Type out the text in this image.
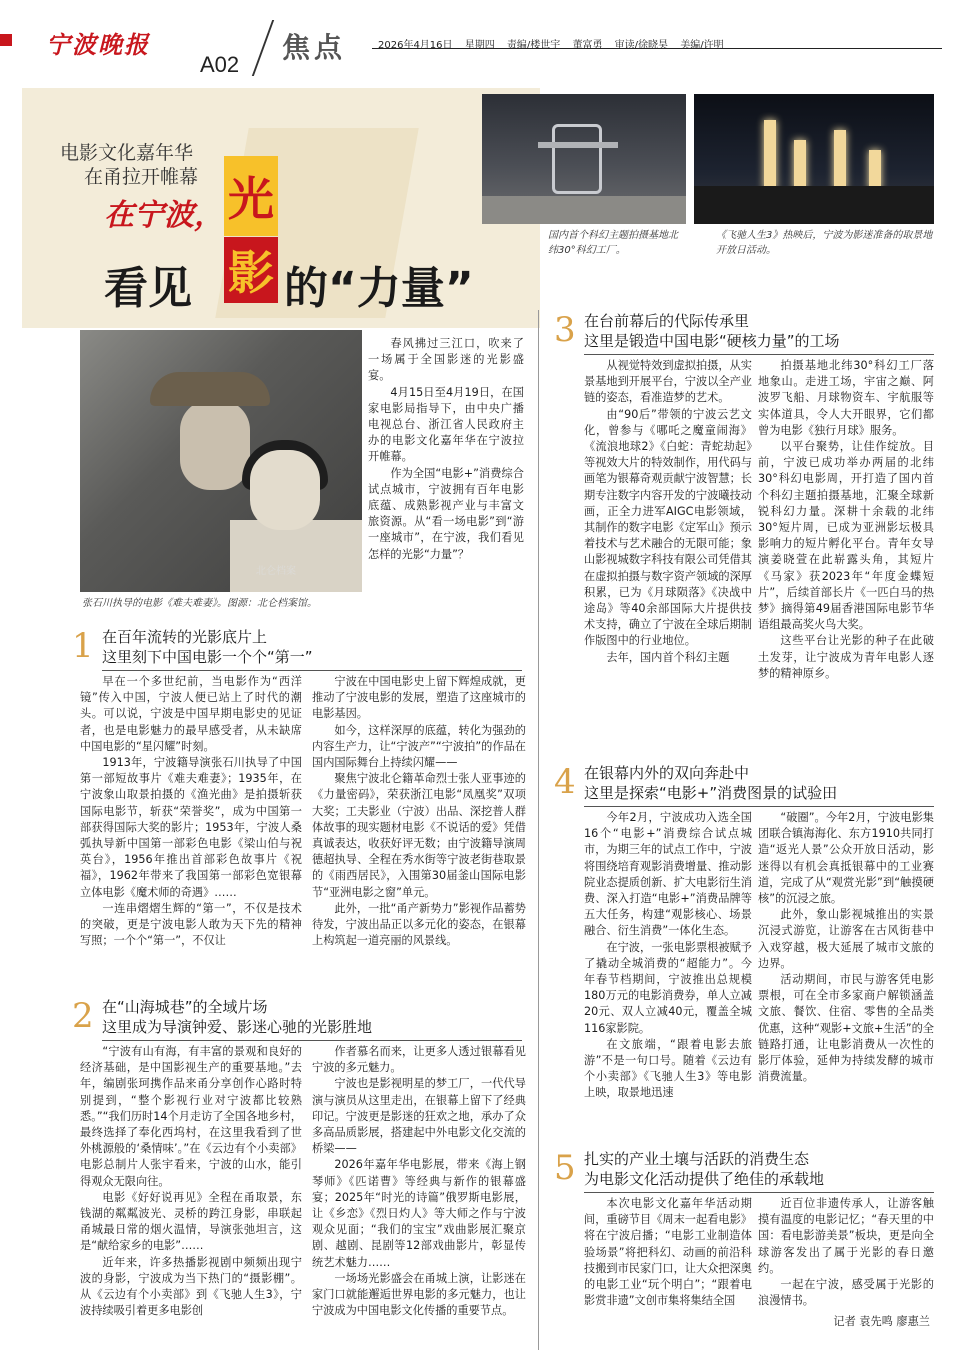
宁波晚报
A02
焦点	2026年4月16日 星期四 责编/楼世宇 董富勇 审读/徐晓昊 美编/许明
电影文化嘉年华
在甬拉开帷幕
在宁波， 光
影
看见 的“力量”
国内首个科幻主题拍摄基地北纬30°科幻工厂。
《飞驰人生3》热映后，宁波为影迷准备的取景地开放日活动。
北仑档案
张石川执导的电影《难夫难妻》。图源：北仑档案馆。

春风拂过三江口，吹来了一场属于全国影迷的光影盛宴。

4月15日至4月19日，在国家电影局指导下，由中央广播电视总台、浙江省人民政府主办的电影文化嘉年华在宁波拉开帷幕。

作为全国“电影+”消费综合试点城市，宁波拥有百年电影底蕴、成熟影视产业与丰富文旅资源。从“看一场电影”到“游一座城市”，在宁波，我们看见怎样的光影“力量”？

1 在百年流转的光影底片上
这里刻下中国电影一个个“第一”

早在一个多世纪前，当电影作为“西洋镜”传入中国，宁波人便已站上了时代的潮头。可以说，宁波是中国早期电影史的见证者，也是电影魅力的最早感受者，从未缺席中国电影的“星闪耀”时刻。

1913年，宁波籍导演张石川执导了中国第一部短故事片《难夫难妻》；1935年，在宁波象山取景拍摄的《渔光曲》是拍摄斩获国际电影节，斩获“荣誉奖”，成为中国第一部获得国际大奖的影片；1953年，宁波人桑弧执导新中国第一部彩色电影《梁山伯与祝英台》，1956年推出首部彩色故事片《祝福》，1962年带来了我国第一部彩色宽银幕立体电影《魔术师的奇遇》……

一连串熠熠生辉的“第一”，不仅是技术的突破，更是宁波电影人敢为天下先的精神写照；一个个“第一”，不仅让

宁波在中国电影史上留下辉煌成就，更推动了宁波电影的发展，塑造了这座城市的电影基因。

如今，这样深厚的底蕴，转化为强劲的内容生产力，让“宁波产”“宁波拍”的作品在国内国际舞台上持续闪耀——

聚焦宁波北仑籍革命烈士张人亚事迹的《力量密码》，荣获浙江电影“凤凰奖”双项大奖；工夫影业（宁波）出品、深挖普人群体故事的现实题材电影《不说话的爱》凭借真诚表达，收获好评无数；由宁波籍导演周德超执导、全程在秀水街等宁波老街巷取景的《雨西居民》，入围第30届釜山国际电影节“亚洲电影之窗”单元。

此外，一批“甬产新势力”影视作品蓄势待发，宁波出品正以多元化的姿态，在银幕上构筑起一道亮丽的风景线。

2 在“山海城巷”的全域片场
这里成为导演钟爱、影迷心驰的光影胜地

“宁波有山有海，有丰富的景观和良好的经济基础，是中国影视生产的重要基地。”去年，编剧张珂携作品来甬分享创作心路时特别提到，“整个影视行业对宁波都比较熟悉。”“我们历时14个月走访了全国各地乡村，最终选择了奉化西坞村，在这里我看到了世外桃源般的‘桑情味’。”在《云边有个小卖部》电影总制片人张宇看来，宁波的山水，能引得观众无限向往。

电影《好好说再见》全程在甬取景，东钱湖的粼粼波光、灵桥的跨江身影，串联起甬城最日常的烟火温情，导演张弛坦言，这是“献给家乡的电影”……

近年来，许多热播影视剧中频频出现宁波的身影，宁波成为当下热门的“摄影棚”。从《云边有个小卖部》到《飞驰人生3》，宁波持续吸引着更多电影创

作者慕名而来，让更多人透过银幕看见宁波的多元魅力。

宁波也是影视明星的梦工厂，一代代导演与演员从这里走出，在银幕上留下了经典印记。宁波更是影迷的狂欢之地，承办了众多高品质影展，搭建起中外电影文化交流的桥梁——

2026年嘉年华电影展，带来《海上钢琴师》《匹诺曹》等经典与新作的银幕盛宴；2025年“时光的诗篇”俄罗斯电影展，让《乡恋》《烈日灼人》等大师之作与宁波观众见面；“我们的宝宝”戏曲影展汇聚京剧、越剧、昆剧等12部戏曲影片，彰显传统艺术魅力……

一场场光影盛会在甬城上演，让影迷在家门口就能邂逅世界电影的多元魅力，也让宁波成为中国电影文化传播的重要节点。

3 在台前幕后的代际传承里
这里是锻造中国电影“硬核力量”的工场

从视觉特效到虚拟拍摄，从实景基地到开展平台，宁波以全产业链的姿态，看准造梦的艺术。

由“90后”带领的宁波云艺文化，曾参与《哪吒之魔童闹海》《流浪地球2》《白蛇：青蛇劫起》等视效大片的特效制作，用代码与画笔为银幕奇观贡献宁波智慧；长期专注数字内容开发的宁波曦技动画，正全力进军AIGC电影领域，其制作的数字电影《定军山》预示着技术与艺术融合的无限可能；象山影视城数字科技有限公司凭借其在虚拟拍摄与数字资产领域的深厚积累，已为《月球陨落》《决战中途岛》等40余部国际大片提供技术支持，确立了宁波在全球后期制作版图中的行业地位。

去年，国内首个科幻主题

拍摄基地北纬30°科幻工厂落地象山。走进工场，宇宙之巅、阿波罗飞船、月球物资车、宇航服等实体道具，令人大开眼界，它们都曾为电影《独行月球》服务。

以平台聚势，让佳作绽放。目前，宁波已成功举办两届的北纬30°科幻电影周，开打造了国内首个科幻主题拍摄基地，汇聚全球新锐科幻力量。深耕十余载的北纬30°短片周，已成为亚洲影坛极具影响力的短片孵化平台。青年女导演姜晓萱在此崭露头角，其短片《马家》获2023年“年度金蝶短片”，后续首部长片《一匹白马的热梦》摘得第49届香港国际电影节华语组最高奖火鸟大奖。

这些平台让光影的种子在此破土发芽，让宁波成为青年电影人逐梦的精神原乡。

4 在银幕内外的双向奔赴中
这里是探索“电影+”消费图景的试验田

今年2月，宁波成功入选全国16个“电影+”消费综合试点城市，为期三年的试点工作中，宁波将围绕培育观影消费增量、推动影院业态提质创新、扩大电影衍生消费、深入打造“电影+”消费品牌等五大任务，构建“观影核心、场景融合、衍生消费”一体化生态。

在宁波，一张电影票根被赋予了撬动全城消费的“超能力”。今年春节档期间，宁波推出总规模180万元的电影消费券，单人立减20元、双人立减40元，覆盖全城116家影院。

在文旅端，“跟着电影去旅游”不是一句口号。随着《云边有个小卖部》《飞驰人生3》等电影上映，取景地迅速

“破圈”。今年2月，宁波电影集团联合镇海海化、东方1910共同打造“返光人景”公众开放日活动，影迷得以有机会真抵银幕中的工业赛道，完成了从“观赏光影”到“触摸硬核”的沉浸之旅。

此外，象山影视城推出的实景沉浸式游览，让游客在古风街巷中入戏穿越，极大延展了城市文旅的边界。

活动期间，市民与游客凭电影票根，可在全市多家商户解锁涵盖文旅、餐饮、住宿、零售的全品类优惠，这种“观影+文旅+生活”的全链路打通，让电影消费从一次性的影厅体验，延伸为持续发酵的城市消费流量。

5 扎实的产业土壤与活跃的消费生态
为电影文化活动提供了绝佳的承载地

本次电影文化嘉年华活动期间，重磅节目《周末一起看电影》将在宁波启播；“电影工业制造体验场景”将把科幻、动画的前沿科技搬到市民家门口，让大众把深奥的电影工业“玩个明白”；“跟着电影赏非遗”文创市集将集结全国

近百位非遗传承人，让游客触摸有温度的电影记忆；“春天里的中国：看电影游美景”板块，更是向全球游客发出了属于光影的春日邀约。

一起在宁波，感受属于光影的浪漫情书。

记者 袁先鸣 廖惠兰
